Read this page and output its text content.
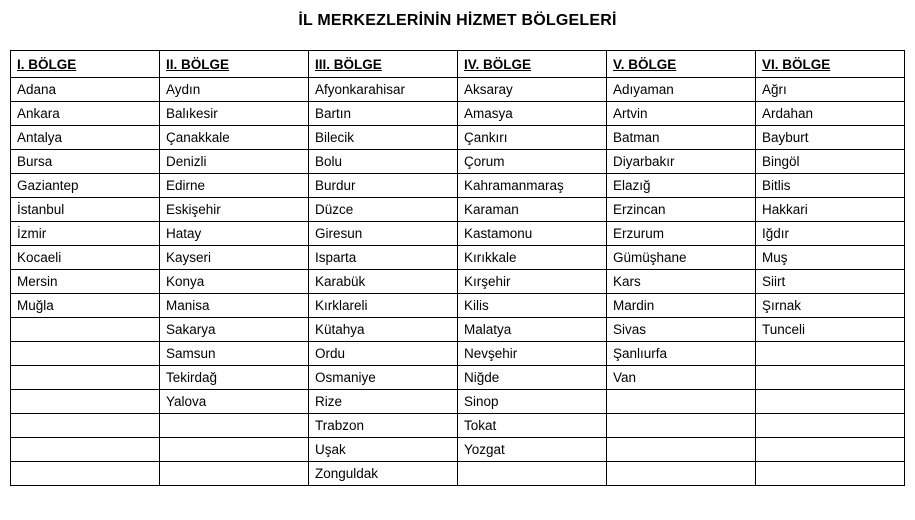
İL MERKEZLERİNİN HİZMET BÖLGELERİ
I. BÖLGE	II. BÖLGE	III. BÖLGE	IV. BÖLGE	V. BÖLGE	VI. BÖLGE
Adana	Aydın	Afyonkarahisar	Aksaray	Adıyaman	Ağrı
Ankara	Balıkesir	Bartın	Amasya	Artvin	Ardahan
Antalya	Çanakkale	Bilecik	Çankırı	Batman	Bayburt
Bursa	Denizli	Bolu	Çorum	Diyarbakır	Bingöl
Gaziantep	Edirne	Burdur	Kahramanmaraş	Elazığ	Bitlis
İstanbul	Eskişehir	Düzce	Karaman	Erzincan	Hakkari
İzmir	Hatay	Giresun	Kastamonu	Erzurum	Iğdır
Kocaeli	Kayseri	Isparta	Kırıkkale	Gümüşhane	Muş
Mersin	Konya	Karabük	Kırşehir	Kars	Siirt
Muğla	Manisa	Kırklareli	Kilis	Mardin	Şırnak
	Sakarya	Kütahya	Malatya	Sivas	Tunceli
	Samsun	Ordu	Nevşehir	Şanlıurfa	
	Tekirdağ	Osmaniye	Niğde	Van	
	Yalova	Rize	Sinop		
		Trabzon	Tokat		
		Uşak	Yozgat		
		Zonguldak			
